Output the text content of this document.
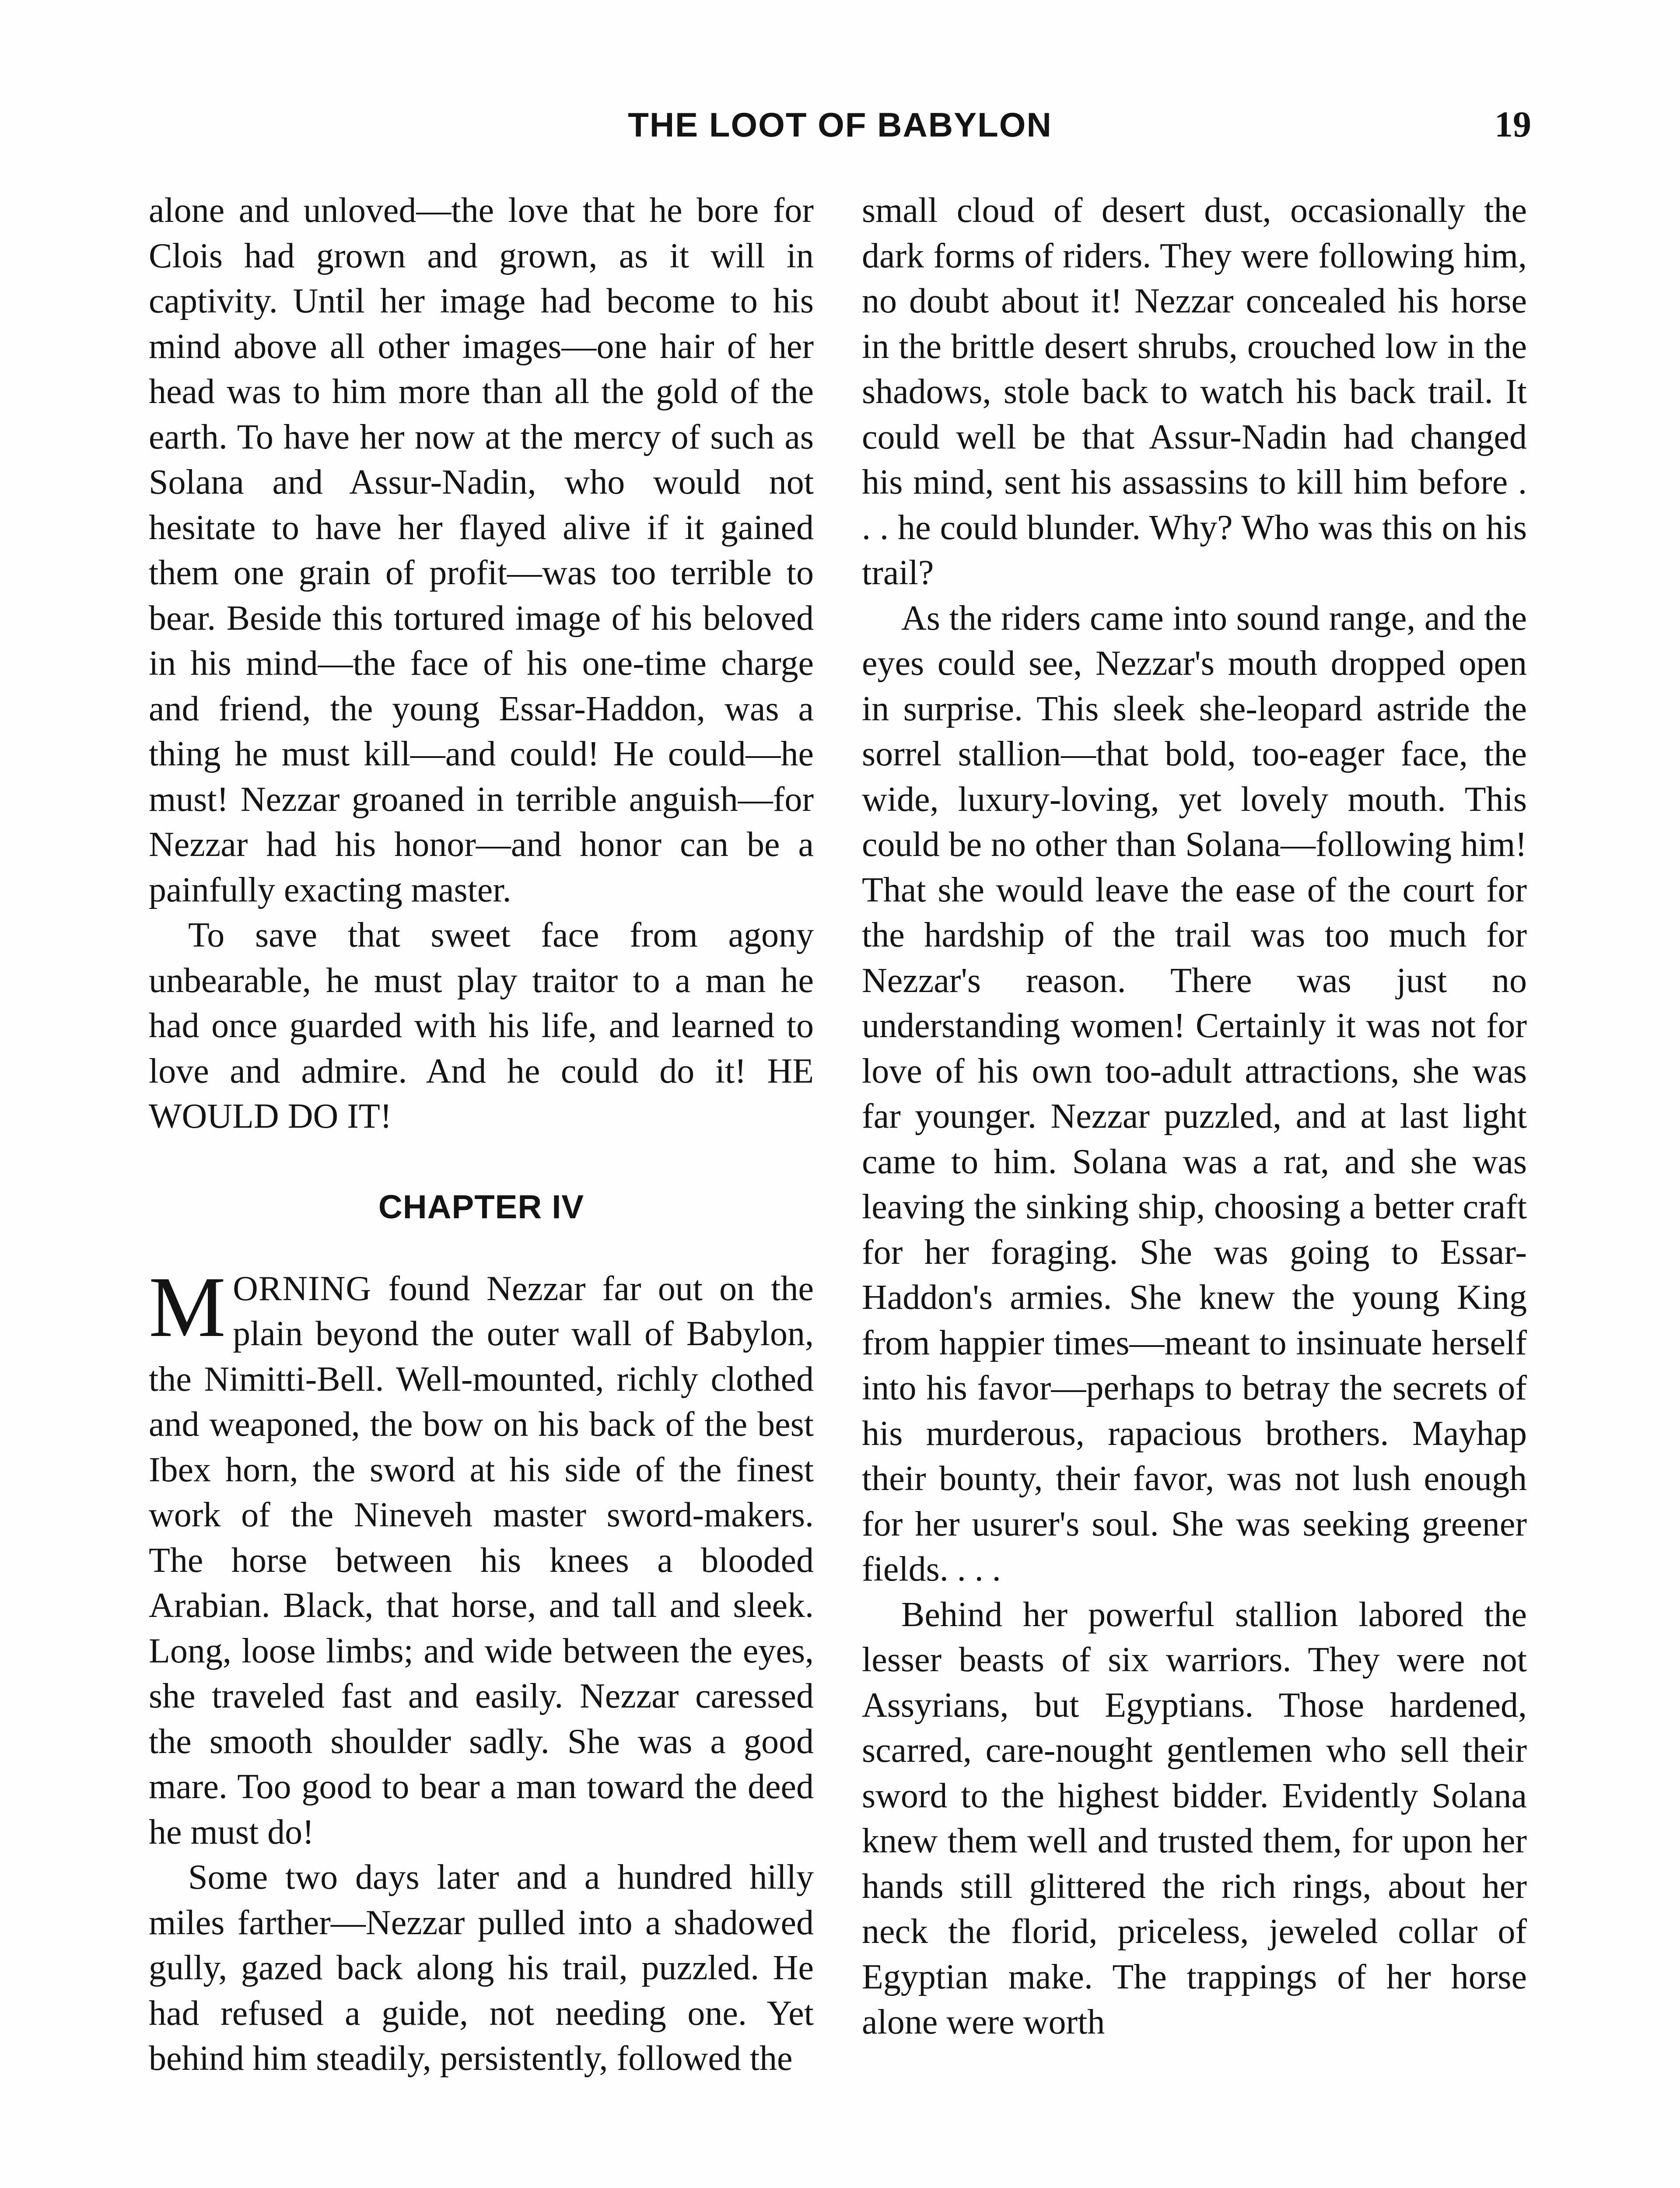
THE LOOT OF BABYLON	19

alone and unloved—the love that he bore for Clois had grown and grown, as it will in captivity. Until her image had become to his mind above all other images—one hair of her head was to him more than all the gold of the earth. To have her now at the mercy of such as Solana and Assur-Nadin, who would not hesitate to have her flayed alive if it gained them one grain of profit—was too terrible to bear. Beside this tortured image of his beloved in his mind—the face of his one-time charge and friend, the young Essar-Haddon, was a thing he must kill—and could! He could—he must! Nezzar groaned in terrible anguish—for Nezzar had his honor—and honor can be a painfully exacting master.

To save that sweet face from agony unbearable, he must play traitor to a man he had once guarded with his life, and learned to love and admire. And he could do it! HE WOULD DO IT!

CHAPTER IV

MORNING found Nezzar far out on the plain beyond the outer wall of Babylon, the Nimitti-Bell. Well-mounted, richly clothed and weaponed, the bow on his back of the best Ibex horn, the sword at his side of the finest work of the Nineveh master sword-makers. The horse between his knees a blooded Arabian. Black, that horse, and tall and sleek. Long, loose limbs; and wide between the eyes, she traveled fast and easily. Nezzar caressed the smooth shoulder sadly. She was a good mare. Too good to bear a man toward the deed he must do!

Some two days later and a hundred hilly miles farther—Nezzar pulled into a shadowed gully, gazed back along his trail, puzzled. He had refused a guide, not needing one. Yet behind him steadily, persistently, followed the

small cloud of desert dust, occasionally the dark forms of riders. They were following him, no doubt about it! Nezzar concealed his horse in the brittle desert shrubs, crouched low in the shadows, stole back to watch his back trail. It could well be that Assur-Nadin had changed his mind, sent his assassins to kill him before . . . he could blunder. Why? Who was this on his trail?

As the riders came into sound range, and the eyes could see, Nezzar's mouth dropped open in surprise. This sleek she-leopard astride the sorrel stallion—that bold, too-eager face, the wide, luxury-loving, yet lovely mouth. This could be no other than Solana—following him! That she would leave the ease of the court for the hardship of the trail was too much for Nezzar's reason. There was just no understanding women! Certainly it was not for love of his own too-adult attractions, she was far younger. Nezzar puzzled, and at last light came to him. Solana was a rat, and she was leaving the sinking ship, choosing a better craft for her foraging. She was going to Essar-Haddon's armies. She knew the young King from happier times—meant to insinuate herself into his favor—perhaps to betray the secrets of his murderous, rapacious brothers. Mayhap their bounty, their favor, was not lush enough for her usurer's soul. She was seeking greener fields. . . .

Behind her powerful stallion labored the lesser beasts of six warriors. They were not Assyrians, but Egyptians. Those hardened, scarred, care-nought gentlemen who sell their sword to the highest bidder. Evidently Solana knew them well and trusted them, for upon her hands still glittered the rich rings, about her neck the florid, priceless, jeweled collar of Egyptian make. The trappings of her horse alone were worth
